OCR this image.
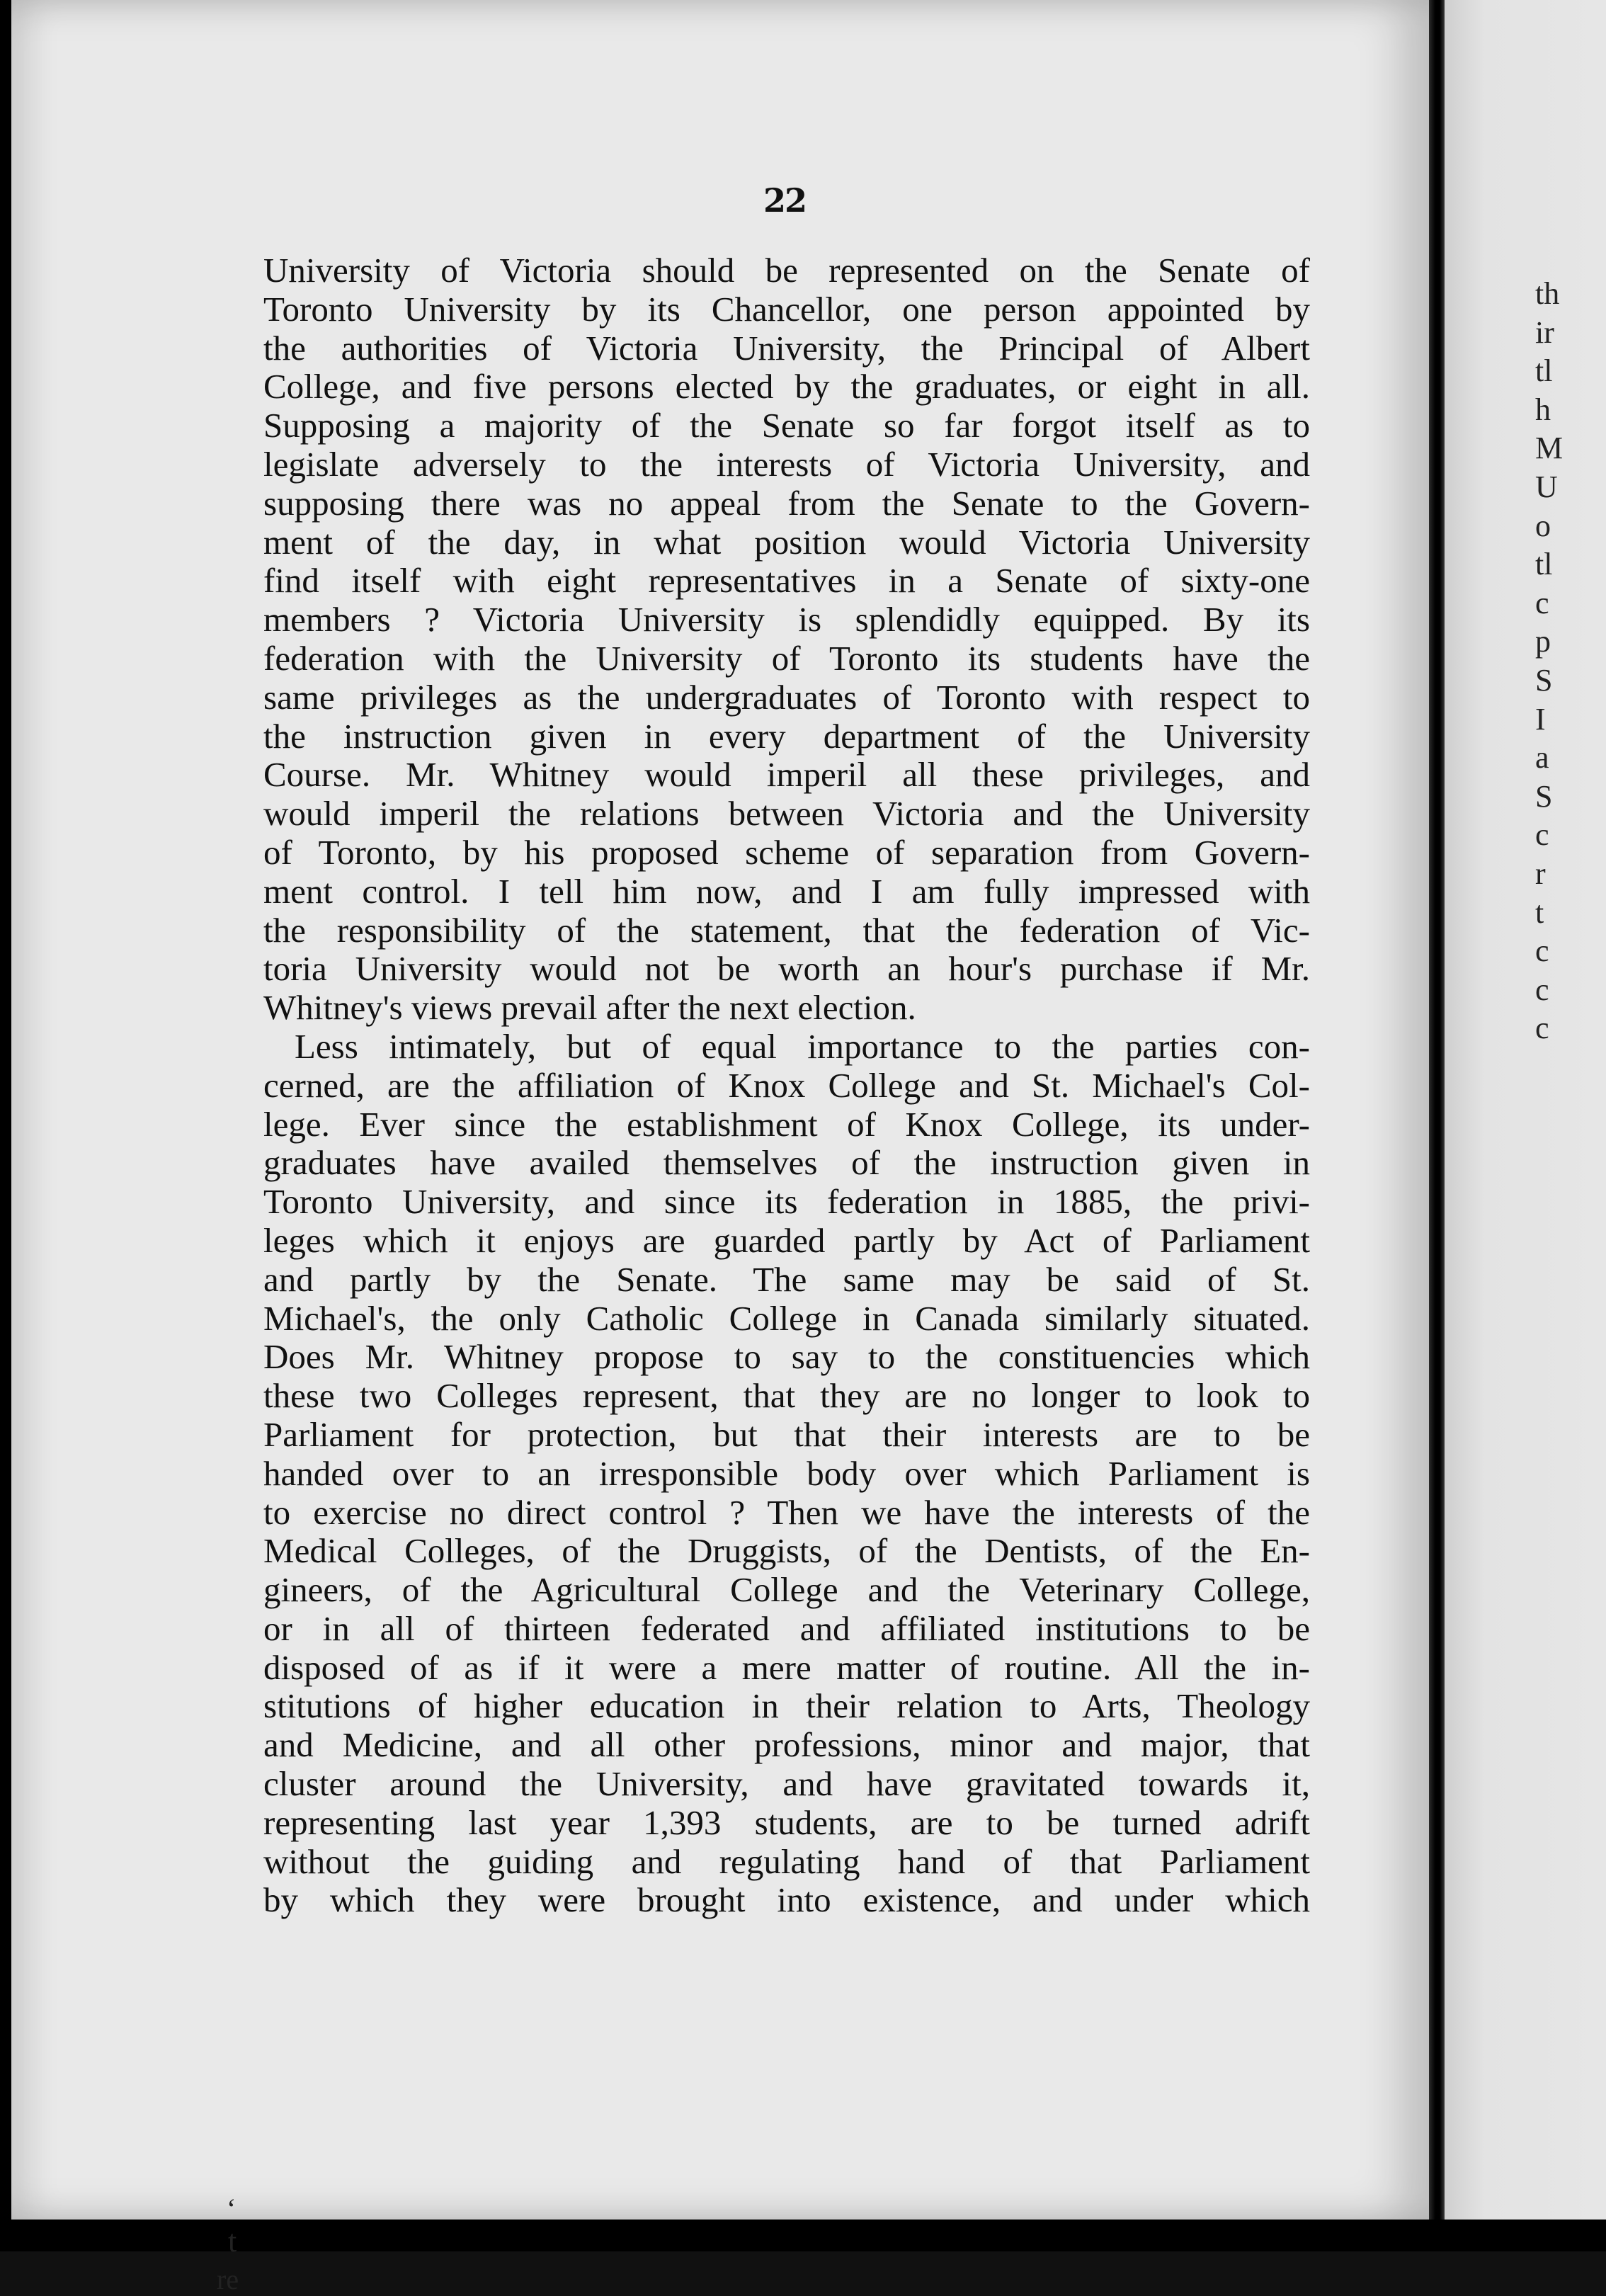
22
University of Victoria should be represented on the Senate of
Toronto University by its Chancellor, one person appointed by
the authorities of Victoria University, the Principal of Albert
College, and five persons elected by the graduates, or eight in all.
Supposing a majority of the Senate so far forgot itself as to
legislate adversely to the interests of Victoria University, and
supposing there was no appeal from the Senate to the Govern-
ment of the day, in what position would Victoria University
find itself with eight representatives in a Senate of sixty-one
members ? Victoria University is splendidly equipped. By its
federation with the University of Toronto its students have the
same privileges as the undergraduates of Toronto with respect to
the instruction given in every department of the University
Course. Mr. Whitney would imperil all these privileges, and
would imperil the relations between Victoria and the University
of Toronto, by his proposed scheme of separation from Govern-
ment control. I tell him now, and I am fully impressed with
the responsibility of the statement, that the federation of Vic-
toria University would not be worth an hour's purchase if Mr.
Whitney's views prevail after the next election.
Less intimately, but of equal importance to the parties con-
cerned, are the affiliation of Knox College and St. Michael's Col-
lege. Ever since the establishment of Knox College, its under-
graduates have availed themselves of the instruction given in
Toronto University, and since its federation in 1885, the privi-
leges which it enjoys are guarded partly by Act of Parliament
and partly by the Senate. The same may be said of St.
Michael's, the only Catholic College in Canada similarly situated.
Does Mr. Whitney propose to say to the constituencies which
these two Colleges represent, that they are no longer to look to
Parliament for protection, but that their interests are to be
handed over to an irresponsible body over which Parliament is
to exercise no direct control ? Then we have the interests of the
Medical Colleges, of the Druggists, of the Dentists, of the En-
gineers, of the Agricultural College and the Veterinary College,
or in all of thirteen federated and affiliated institutions to be
disposed of as if it were a mere matter of routine. All the in-
stitutions of higher education in their relation to Arts, Theology
and Medicine, and all other professions, minor and major, that
cluster around the University, and have gravitated towards it,
representing last year 1,393 students, are to be turned adrift
without the guiding and regulating hand of that Parliament
by which they were brought into existence, and under which
th
ir
tl
h
M
U
o
tl
c
p
S
I
a
S
c
r
t
c
c
c
‘
t
re
